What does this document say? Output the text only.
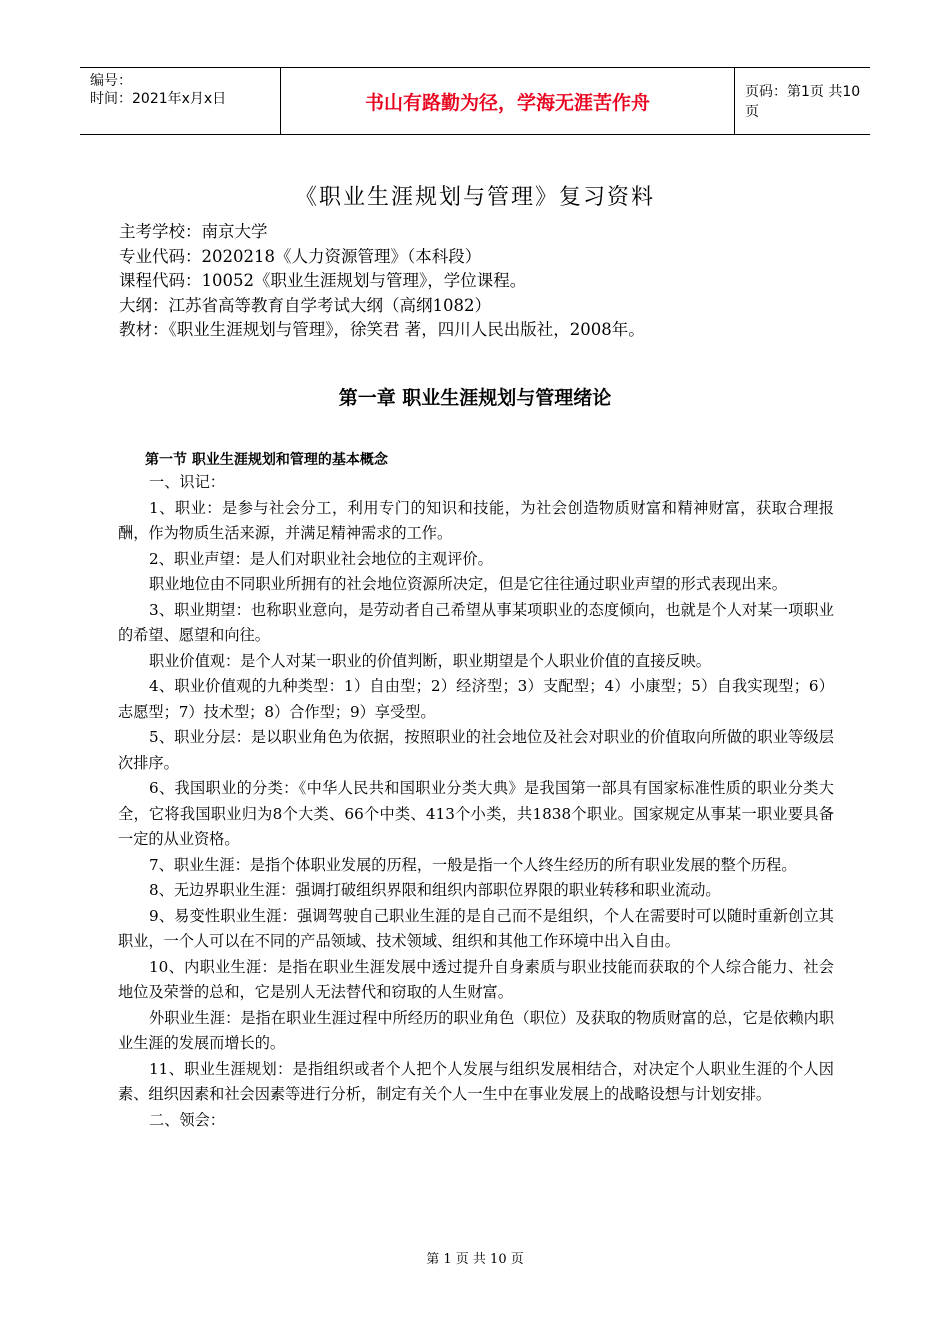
编号：
时间：2021年x月x日	书山有路勤为径，学海无涯苦作舟	页码：第1页 共10页
《职业生涯规划与管理》复习资料
主考学校：南京大学
专业代码：2020218《人力资源管理》（本科段）
课程代码：10052《职业生涯规划与管理》，学位课程。
大纲：江苏省高等教育自学考试大纲（高纲1082）
教材：《职业生涯规划与管理》，徐笑君 著，四川人民出版社，2008年。
第一章 职业生涯规划与管理绪论
第一节 职业生涯规划和管理的基本概念

一、识记：

1、职业：是参与社会分工，利用专门的知识和技能，为社会创造物质财富和精神财富，获取合理报酬，作为物质生活来源，并满足精神需求的工作。

2、职业声望：是人们对职业社会地位的主观评价。

职业地位由不同职业所拥有的社会地位资源所决定，但是它往往通过职业声望的形式表现出来。

3、职业期望：也称职业意向，是劳动者自己希望从事某项职业的态度倾向，也就是个人对某一项职业的希望、愿望和向往。

职业价值观：是个人对某一职业的价值判断，职业期望是个人职业价值的直接反映。

4、职业价值观的九种类型：1）自由型；2）经济型；3）支配型；4）小康型；5）自我实现型；6）志愿型；7）技术型；8）合作型；9）享受型。

5、职业分层：是以职业角色为依据，按照职业的社会地位及社会对职业的价值取向所做的职业等级层次排序。

6、我国职业的分类：《中华人民共和国职业分类大典》是我国第一部具有国家标准性质的职业分类大全，它将我国职业归为8个大类、66个中类、413个小类，共1838个职业。国家规定从事某一职业要具备一定的从业资格。

7、职业生涯：是指个体职业发展的历程，一般是指一个人终生经历的所有职业发展的整个历程。

8、无边界职业生涯：强调打破组织界限和组织内部职位界限的职业转移和职业流动。

9、易变性职业生涯：强调驾驶自己职业生涯的是自己而不是组织，个人在需要时可以随时重新创立其职业，一个人可以在不同的产品领域、技术领域、组织和其他工作环境中出入自由。

10、内职业生涯：是指在职业生涯发展中透过提升自身素质与职业技能而获取的个人综合能力、社会地位及荣誉的总和，它是别人无法替代和窃取的人生财富。

外职业生涯：是指在职业生涯过程中所经历的职业角色（职位）及获取的物质财富的总，它是依赖内职业生涯的发展而增长的。

11、职业生涯规划：是指组织或者个人把个人发展与组织发展相结合，对决定个人职业生涯的个人因素、组织因素和社会因素等进行分析，制定有关个人一生中在事业发展上的战略设想与计划安排。

二、领会：

第 1 页 共 10 页
